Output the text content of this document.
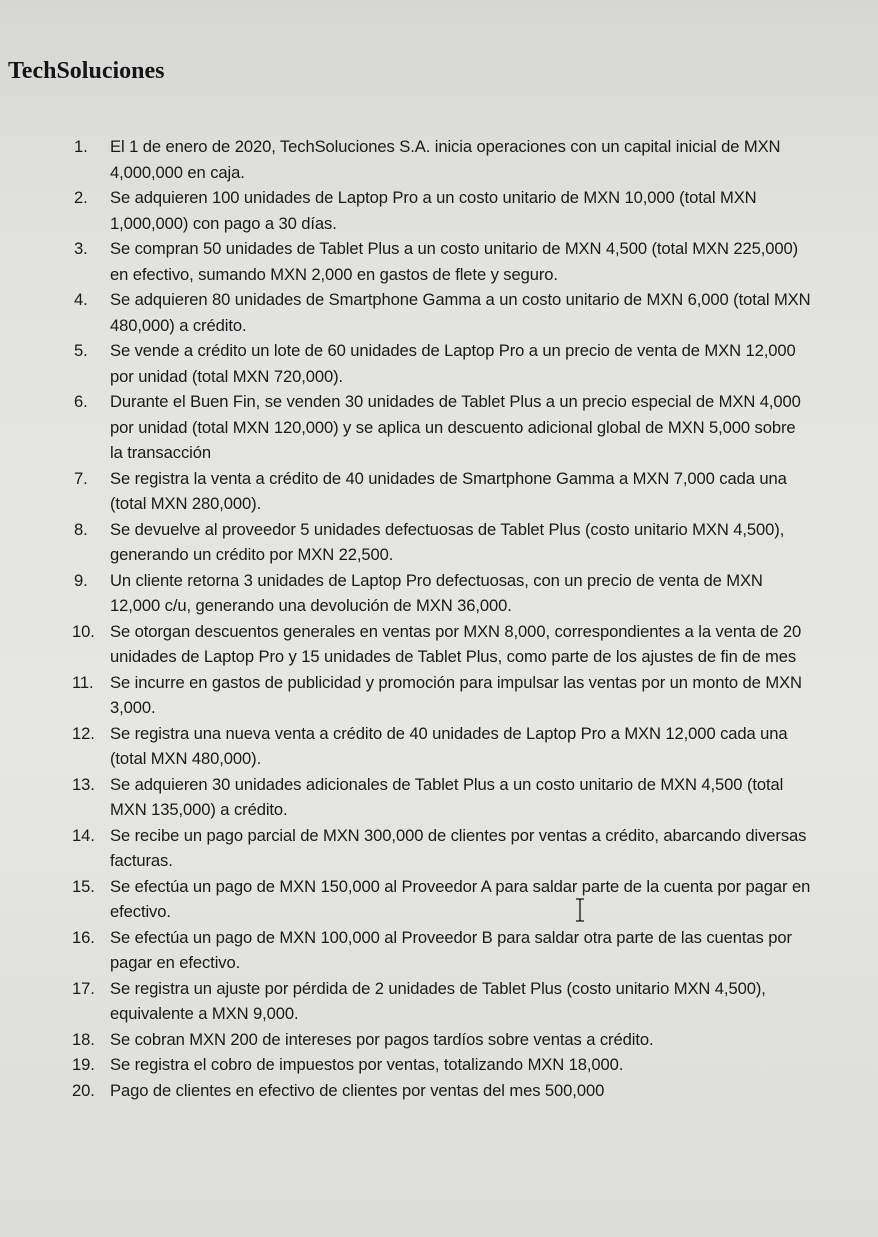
TechSoluciones
1.	El 1 de enero de 2020, TechSoluciones S.A. inicia operaciones con un capital inicial de MXN 4,000,000 en caja.
2.	Se adquieren 100 unidades de Laptop Pro a un costo unitario de MXN 10,000 (total MXN 1,000,000) con pago a 30 días.
3.	Se compran 50 unidades de Tablet Plus a un costo unitario de MXN 4,500 (total MXN 225,000) en efectivo, sumando MXN 2,000 en gastos de flete y seguro.
4.	Se adquieren 80 unidades de Smartphone Gamma a un costo unitario de MXN 6,000 (total MXN 480,000) a crédito.
5.	Se vende a crédito un lote de 60 unidades de Laptop Pro a un precio de venta de MXN 12,000 por unidad (total MXN 720,000).
6.	Durante el Buen Fin, se venden 30 unidades de Tablet Plus a un precio especial de MXN 4,000 por unidad (total MXN 120,000) y se aplica un descuento adicional global de MXN 5,000 sobre la transacción
7.	Se registra la venta a crédito de 40 unidades de Smartphone Gamma a MXN 7,000 cada una (total MXN 280,000).
8.	Se devuelve al proveedor 5 unidades defectuosas de Tablet Plus (costo unitario MXN 4,500), generando un crédito por MXN 22,500.
9.	Un cliente retorna 3 unidades de Laptop Pro defectuosas, con un precio de venta de MXN 12,000 c/u, generando una devolución de MXN 36,000.
10. Se otorgan descuentos generales en ventas por MXN 8,000, correspondientes a la venta de 20 unidades de Laptop Pro y 15 unidades de Tablet Plus, como parte de los ajustes de fin de mes
11. Se incurre en gastos de publicidad y promoción para impulsar las ventas por un monto de MXN 3,000.
12. Se registra una nueva venta a crédito de 40 unidades de Laptop Pro a MXN 12,000 cada una (total MXN 480,000).
13. Se adquieren 30 unidades adicionales de Tablet Plus a un costo unitario de MXN 4,500 (total MXN 135,000) a crédito.
14. Se recibe un pago parcial de MXN 300,000 de clientes por ventas a crédito, abarcando diversas facturas.
15. Se efectúa un pago de MXN 150,000 al Proveedor A para saldar parte de la cuenta por pagar en efectivo.
16. Se efectúa un pago de MXN 100,000 al Proveedor B para saldar otra parte de las cuentas por pagar en efectivo.
17. Se registra un ajuste por pérdida de 2 unidades de Tablet Plus (costo unitario MXN 4,500), equivalente a MXN 9,000.
18. Se cobran MXN 200 de intereses por pagos tardíos sobre ventas a crédito.
19. Se registra el cobro de impuestos por ventas, totalizando MXN 18,000.
20. Pago de clientes en efectivo de clientes por ventas del mes 500,000
